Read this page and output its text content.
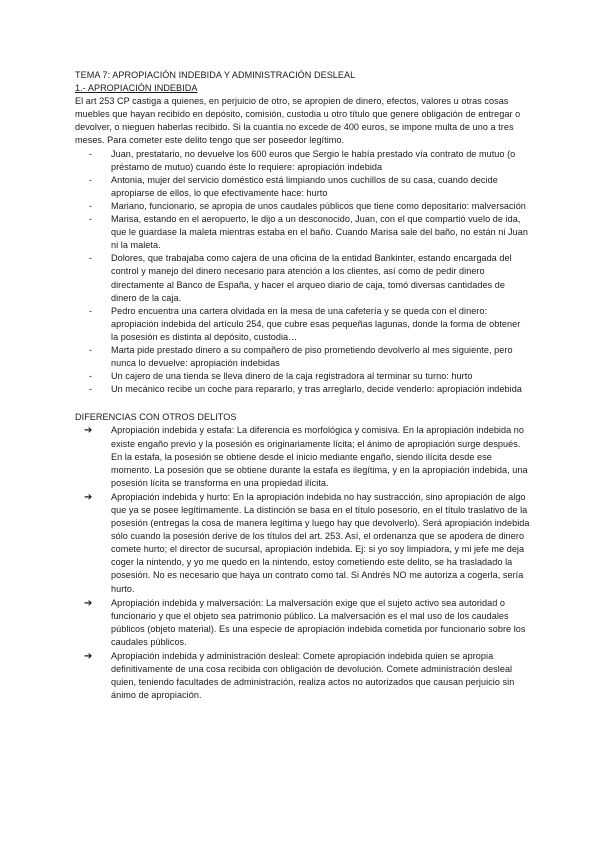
TEMA 7: APROPIACIÓN INDEBIDA Y ADMINISTRACIÓN DESLEAL

1.- APROPIACIÓN INDEBIDA

El art 253 CP castiga a quienes, en perjuicio de otro, se apropien de dinero, efectos, valores u otras cosas muebles que hayan recibido en depósito, comisión, custodia u otro título que genere obligación de entregar o devolver, o nieguen haberlas recibido. Si la cuantía no excede de 400 euros, se impone multa de uno a tres meses. Para cometer este delito tengo que ser poseedor legítimo.

- Juan, prestatario, no devuelve los 600 euros que Sergio le había prestado vía contrato de mutuo (o préstamo de mutuo) cuando éste lo requiere: apropiación indebida
- Antonia, mujer del servicio doméstico está limpiando unos cuchillos de su casa, cuando decide apropiarse de ellos, lo que efectivamente hace: hurto
- Mariano, funcionario, se apropia de unos caudales públicos que tiene como depositario: malversación
- Marisa, estando en el aeropuerto, le dijo a un desconocido, Juan, con el que compartió vuelo de ida, que le guardase la maleta mientras estaba en el baño. Cuando Marisa sale del baño, no están ni Juan ni la maleta.
- Dolores, que trabajaba como cajera de una oficina de la entidad Bankinter, estando encargada del control y manejo del dinero necesario para atención a los clientes, así como de pedir dinero directamente al Banco de España, y hacer el arqueo diario de caja, tomó diversas cantidades de dinero de la caja.
- Pedro encuentra una cartera olvidada en la mesa de una cafetería y se queda con el dinero: apropiación indebida del artículo 254, que cubre esas pequeñas lagunas, donde la forma de obtener la posesión es distinta al depósito, custodia…
- Marta pide prestado dinero a su compañero de piso prometiendo devolverlo al mes siguiente, pero nunca lo devuelve: apropiación indebidas
- Un cajero de una tienda se lleva dinero de la caja registradora al terminar su turno: hurto
- Un mecánico recibe un coche para repararlo, y tras arreglarlo, decide venderlo: apropiación indebida

DIFERENCIAS CON OTROS DELITOS

➔ Apropiación indebida y estafa: La diferencia es morfológica y comisiva. En la apropiación indebida no existe engaño previo y la posesión es originariamente lícita; el ánimo de apropiación surge después. En la estafa, la posesión se obtiene desde el inicio mediante engaño, siendo ilícita desde ese momento. La posesión que se obtiene durante la estafa es ilegítima, y en la apropiación indebida, una posesión lícita se transforma en una propiedad ilícita.
➔ Apropiación indebida y hurto: En la apropiación indebida no hay sustracción, sino apropiación de algo que ya se posee legítimamente. La distinción se basa en el título posesorio, en el título traslativo de la posesión (entregas la cosa de manera legítima y luego hay que devolverlo). Será apropiación indebida sólo cuando la posesión derive de los títulos del art. 253. Así, el ordenanza que se apodera de dinero comete hurto; el director de sucursal, apropiación indebida. Ej: si yo soy limpiadora, y mi jefe me deja coger la nintendo, y yo me quedo en la nintendo, estoy cometiendo este delito, se ha trasladado la posesión. No es necesario que haya un contrato como tal. Si Andrés NO me autoriza a cogerla, sería hurto.
➔ Apropiación indebida y malversación: La malversación exige que el sujeto activo sea autoridad o funcionario y que el objeto sea patrimonio público. La malversación es el mal uso de los caudales públicos (objeto material). Es una especie de apropiación indebida cometida por funcionario sobre los caudales públicos.
➔ Apropiación indebida y administración desleal: Comete apropiación indebida quien se apropia definitivamente de una cosa recibida con obligación de devolución. Comete administración desleal quien, teniendo facultades de administración, realiza actos no autorizados que causan perjuicio sin ánimo de apropiación.
